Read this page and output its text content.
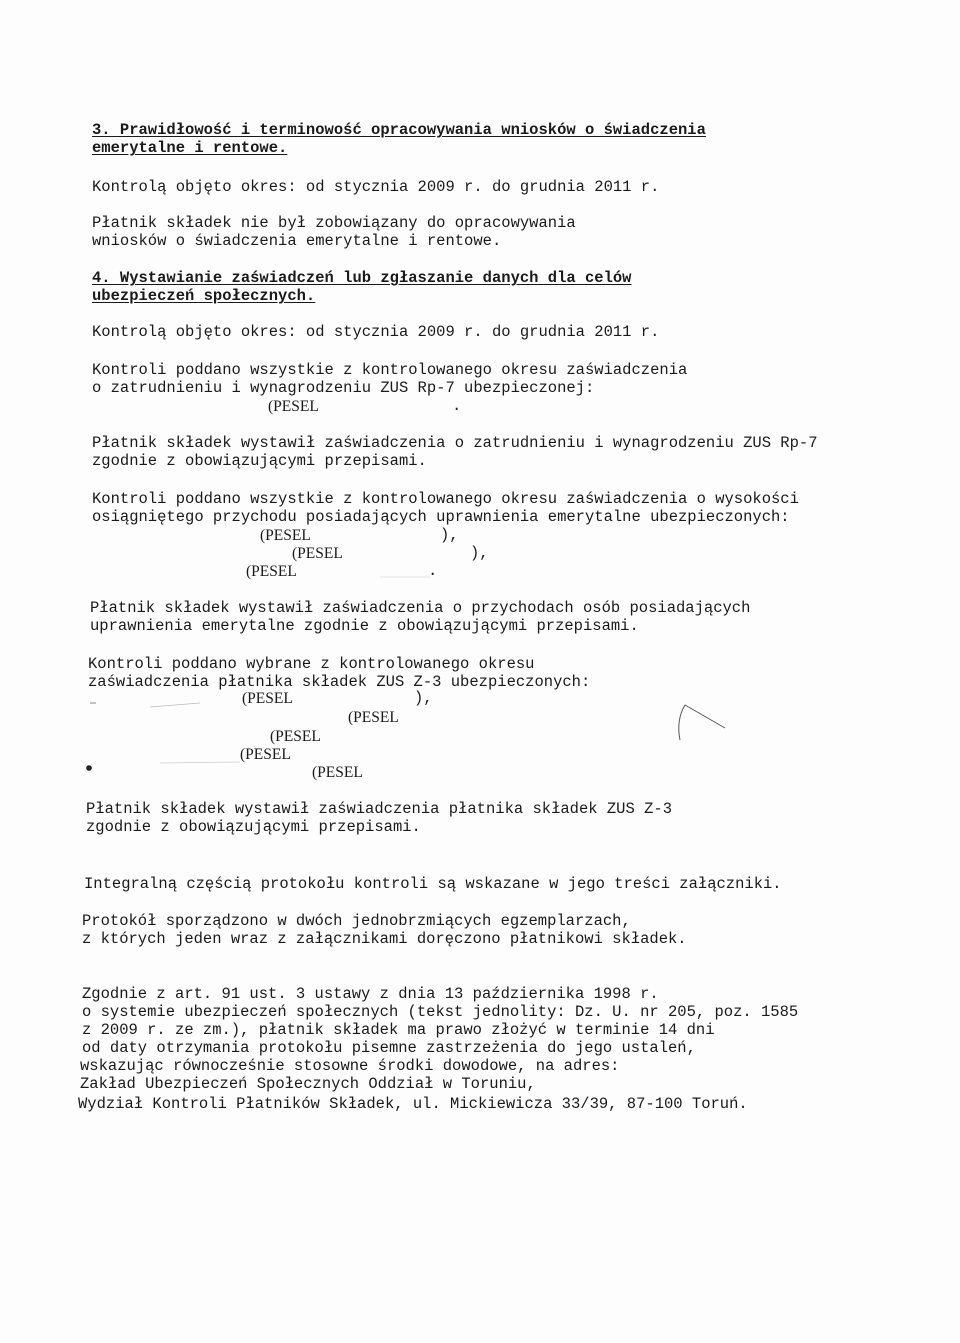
3. Prawidłowość i terminowość opracowywania wniosków o świadczenia
emerytalne i rentowe.
Kontrolą objęto okres: od stycznia 2009 r. do grudnia 2011 r.
Płatnik składek nie był zobowiązany do opracowywania
wniosków o świadczenia emerytalne i rentowe.
4. Wystawianie zaświadczeń lub zgłaszanie danych dla celów
ubezpieczeń społecznych.
Kontrolą objęto okres: od stycznia 2009 r. do grudnia 2011 r.
Kontroli poddano wszystkie z kontrolowanego okresu zaświadczenia
o zatrudnieniu i wynagrodzeniu ZUS Rp-7 ubezpieczonej:
(PESEL	.
Płatnik składek wystawił zaświadczenia o zatrudnieniu i wynagrodzeniu ZUS Rp-7
zgodnie z obowiązującymi przepisami.
Kontroli poddano wszystkie z kontrolowanego okresu zaświadczenia o wysokości
osiągniętego przychodu posiadających uprawnienia emerytalne ubezpieczonych:
(PESEL	),
(PESEL	),
(PESEL	.
Płatnik składek wystawił zaświadczenia o przychodach osób posiadających
uprawnienia emerytalne zgodnie z obowiązującymi przepisami.
Kontroli poddano wybrane z kontrolowanego okresu
zaświadczenia płatnika składek ZUS Z-3 ubezpieczonych:
(PESEL	),
(PESEL
(PESEL
(PESEL
(PESEL
Płatnik składek wystawił zaświadczenia płatnika składek ZUS Z-3
zgodnie z obowiązującymi przepisami.
Integralną częścią protokołu kontroli są wskazane w jego treści załączniki.
Protokół sporządzono w dwóch jednobrzmiących egzemplarzach,
z których jeden wraz z załącznikami doręczono płatnikowi składek.
Zgodnie z art. 91 ust. 3 ustawy z dnia 13 października 1998 r.
o systemie ubezpieczeń społecznych (tekst jednolity: Dz. U. nr 205, poz. 1585
z 2009 r. ze zm.), płatnik składek ma prawo złożyć w terminie 14 dni
od daty otrzymania protokołu pisemne zastrzeżenia do jego ustaleń,
wskazując równocześnie stosowne środki dowodowe, na adres:
Zakład Ubezpieczeń Społecznych Oddział w Toruniu,
Wydział Kontroli Płatników Składek, ul. Mickiewicza 33/39, 87-100 Toruń.
